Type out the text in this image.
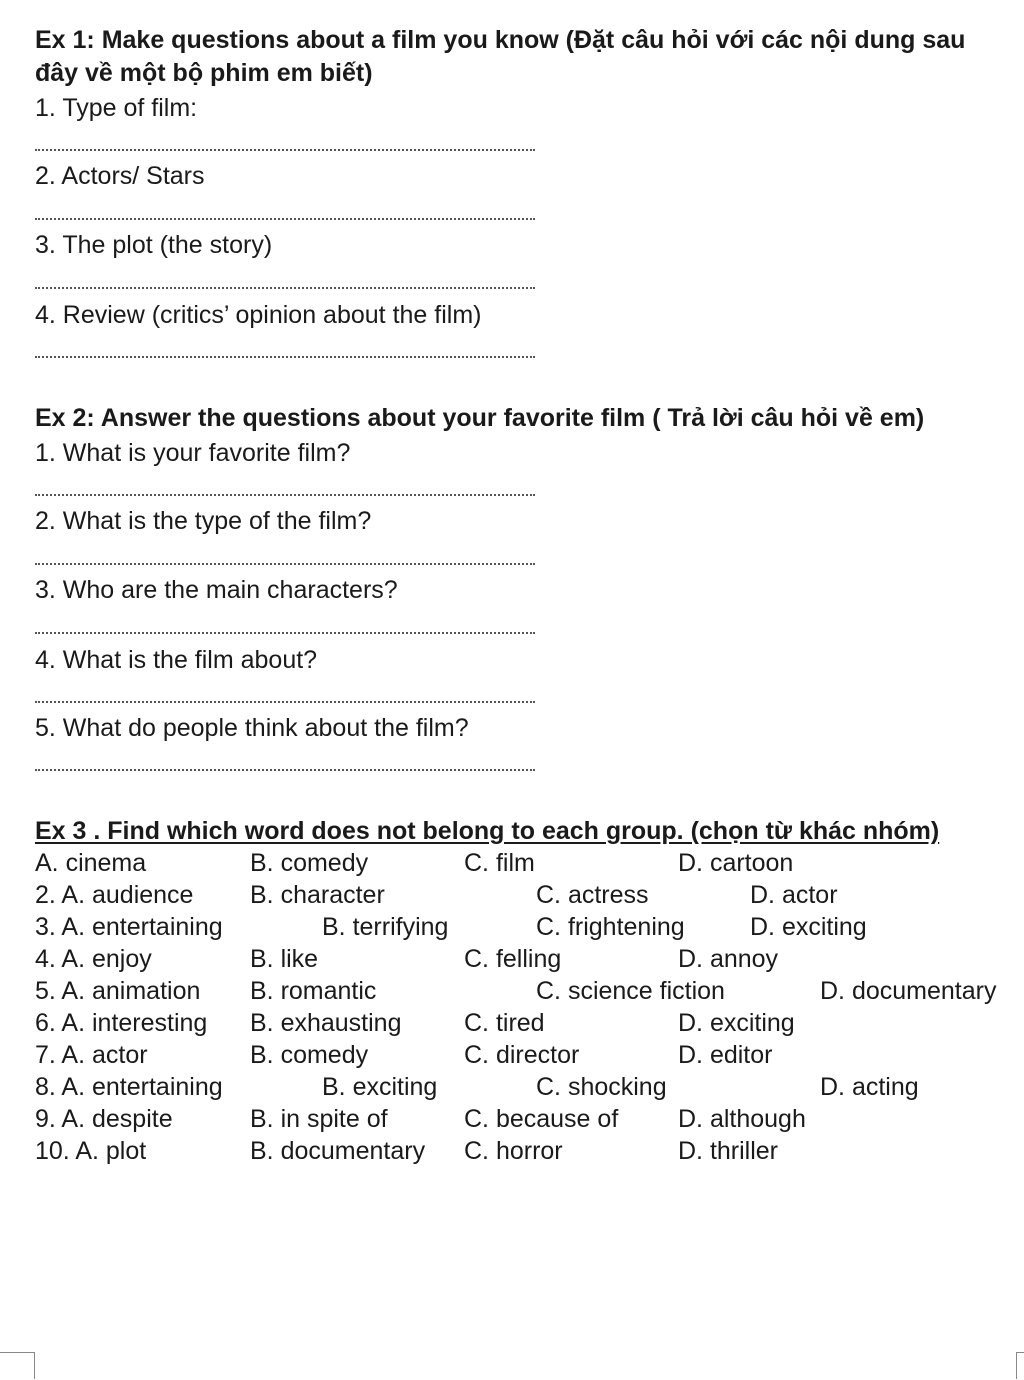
Ex 1: Make questions about a film you know (Đặt câu hỏi với các nội dung sau
đây về một bộ phim em biết)
1. Type of film:
2. Actors/ Stars
3. The plot (the story)
4. Review (critics’ opinion about the film)
Ex 2: Answer the questions about your favorite film ( Trả lời câu hỏi về em)
1. What is your favorite film?
2. What is the type of the film?
3. Who are the main characters?
4. What is the film about?
5. What do people think about the film?
Ex 3 . Find which word does not belong to each group. (chọn từ khác nhóm)
A. cinema	B. comedy	C. film	D. cartoon
2. A. audience B. character	C. actress	D. actor
3. A. entertaining	B. terrifying	C. frightening	D. exciting
4. A. enjoy	B. like	C. felling	D. annoy
5. A. animation B. romantic	C. science fiction	D. documentary
6. A. interesting B. exhausting	C. tired	D. exciting
7. A. actor	B. comedy	C. director	D. editor
8. A. entertaining	B. exciting	C. shocking	D. acting
9. A. despite	B. in spite of	C. because of D. although
10. A. plot	B. documentary C. horror	D. thriller
